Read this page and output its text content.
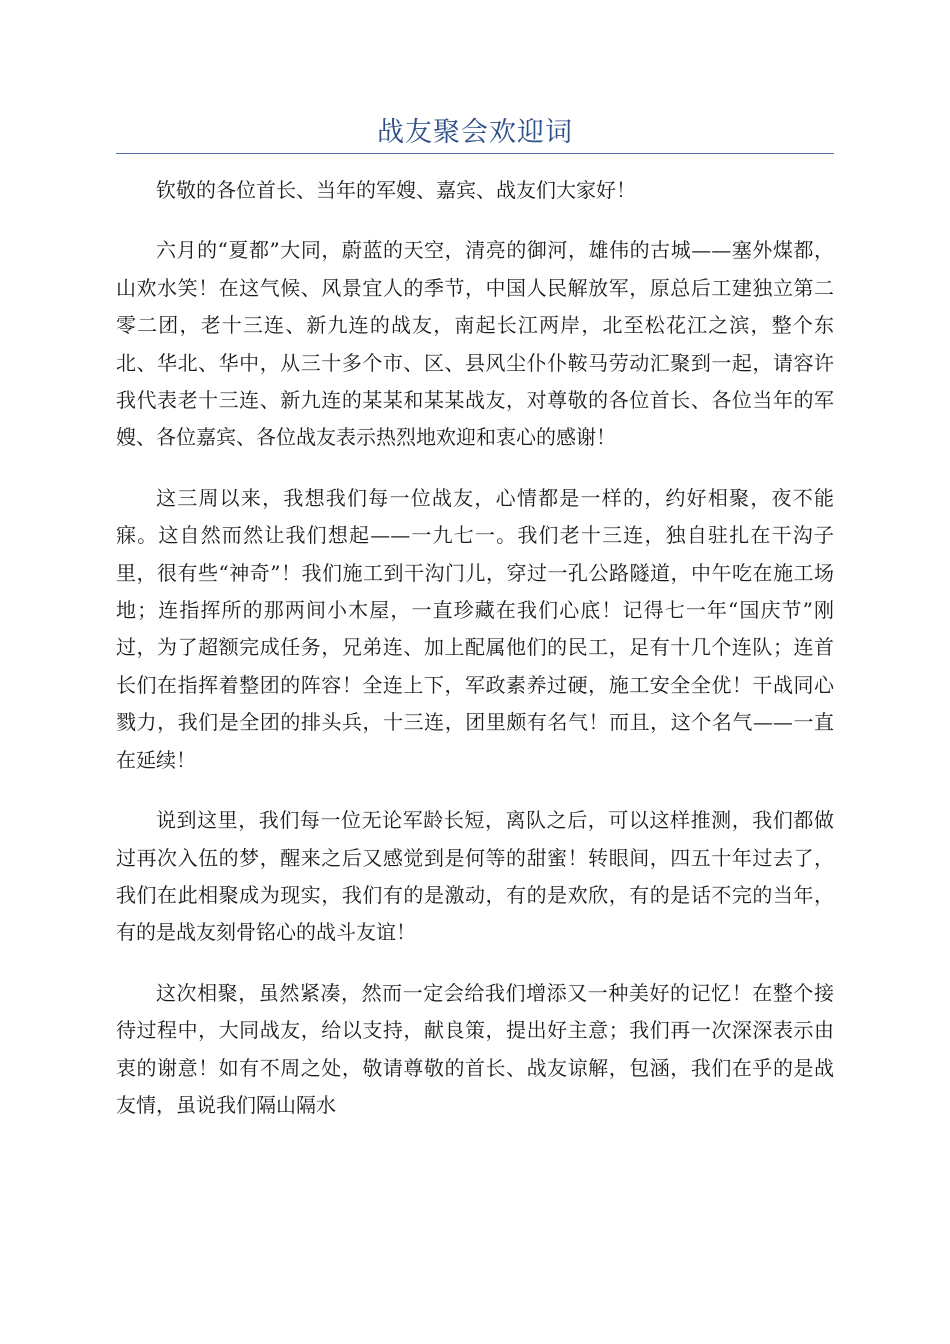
战友聚会欢迎词

钦敬的各位首长、当年的军嫂、嘉宾、战友们大家好！

六月的“夏都”大同，蔚蓝的天空，清亮的御河，雄伟的古城——塞外煤都，山欢水笑！在这气候、风景宜人的季节，中国人民解放军，原总后工建独立第二零二团，老十三连、新九连的战友，南起长江两岸，北至松花江之滨，整个东北、华北、华中，从三十多个市、区、县风尘仆仆鞍马劳动汇聚到一起，请容许我代表老十三连、新九连的某某和某某战友，对尊敬的各位首长、各位当年的军嫂、各位嘉宾、各位战友表示热烈地欢迎和衷心的感谢！

这三周以来，我想我们每一位战友，心情都是一样的，约好相聚，夜不能寐。这自然而然让我们想起——一九七一。我们老十三连，独自驻扎在干沟子里，很有些“神奇”！我们施工到干沟门儿，穿过一孔公路隧道，中午吃在施工场地；连指挥所的那两间小木屋，一直珍藏在我们心底！记得七一年“国庆节”刚过，为了超额完成任务，兄弟连、加上配属他们的民工，足有十几个连队；连首长们在指挥着整团的阵容！全连上下，军政素养过硬，施工安全全优！干战同心戮力，我们是全团的排头兵，十三连，团里颇有名气！而且，这个名气——一直在延续！

说到这里，我们每一位无论军龄长短，离队之后，可以这样推测，我们都做过再次入伍的梦，醒来之后又感觉到是何等的甜蜜！转眼间，四五十年过去了，我们在此相聚成为现实，我们有的是激动，有的是欢欣，有的是话不完的当年，有的是战友刻骨铭心的战斗友谊！

这次相聚，虽然紧凑，然而一定会给我们增添又一种美好的记忆！在整个接待过程中，大同战友，给以支持，献良策，提出好主意；我们再一次深深表示由衷的谢意！如有不周之处，敬请尊敬的首长、战友谅解，包涵，我们在乎的是战友情，虽说我们隔山隔水
